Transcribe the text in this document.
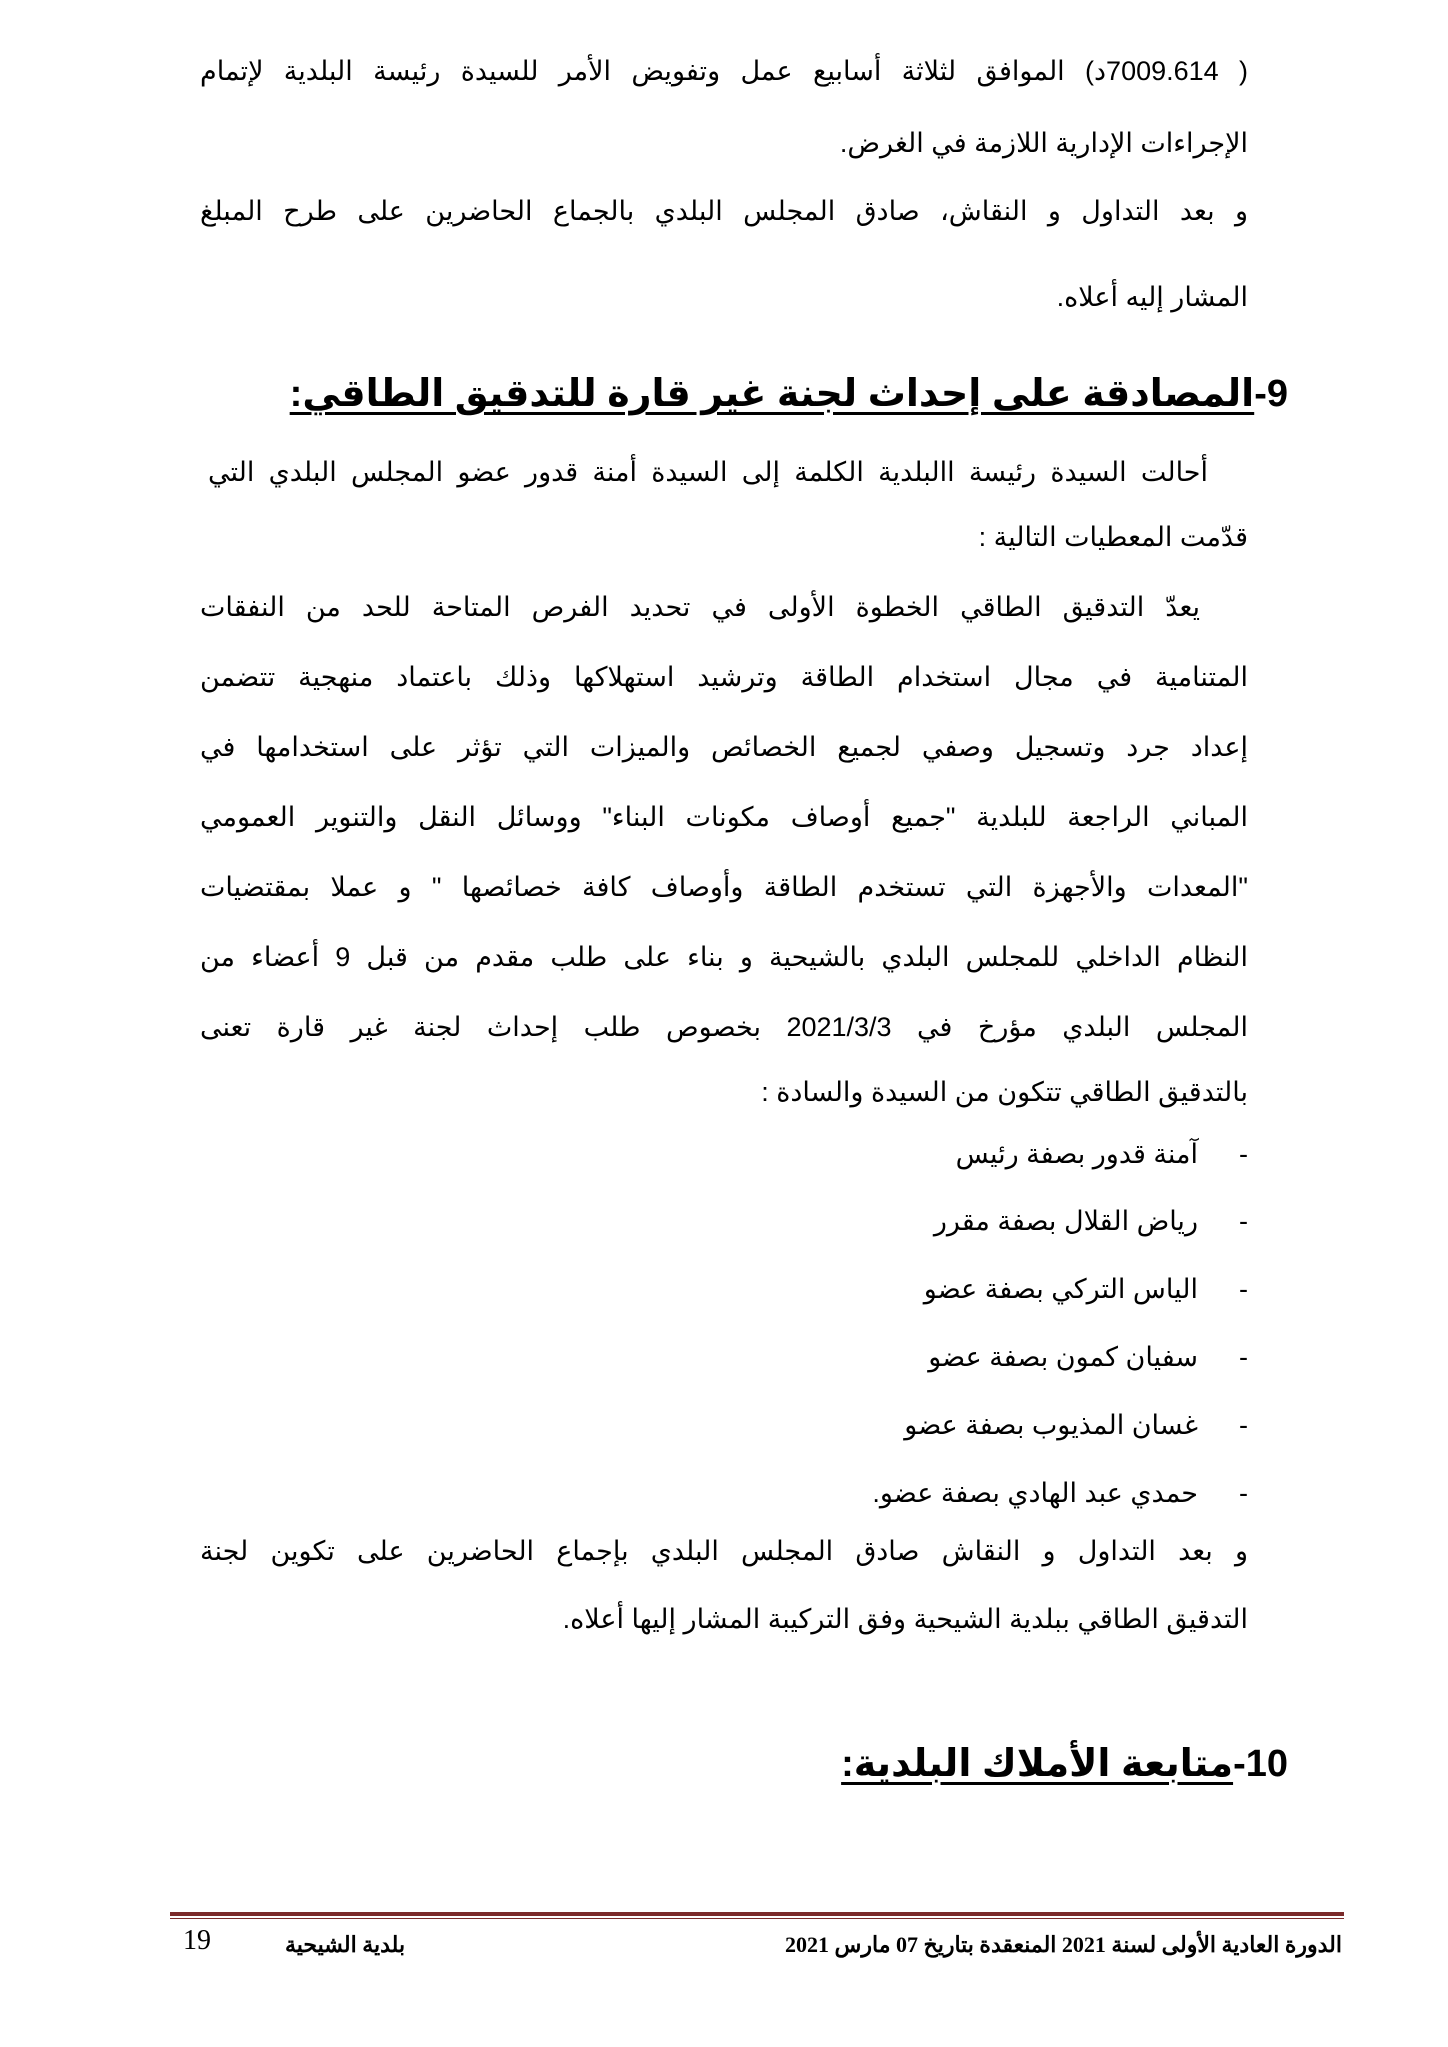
( 7009.614د) الموافق لثلاثة أسابيع عمل وتفويض الأمر للسيدة رئيسة البلدية لإتمام
الإجراءات الإدارية اللازمة في الغرض.
و بعد التداول و النقاش، صادق المجلس البلدي بالجماع الحاضرين على طرح المبلغ
المشار إليه أعلاه.
9-المصادقة على إحداث لجنة غير قارة للتدقيق الطاقي:
أحالت السيدة رئيسة االبلدية الكلمة إلى السيدة أمنة قدور عضو المجلس البلدي التي
قدّمت المعطيات التالية :
يعدّ التدقيق الطاقي الخطوة الأولى في تحديد الفرص المتاحة للحد من النفقات
المتنامية في مجال استخدام الطاقة وترشيد استهلاكها وذلك باعتماد منهجية تتضمن
إعداد جرد وتسجيل وصفي لجميع الخصائص والميزات التي تؤثر على استخدامها في
المباني الراجعة للبلدية "جميع أوصاف مكونات البناء" ووسائل النقل والتنوير العمومي
"المعدات والأجهزة التي تستخدم الطاقة وأوصاف كافة خصائصها " و عملا بمقتضيات
النظام الداخلي للمجلس البلدي بالشيحية و بناء على طلب مقدم من قبل 9 أعضاء من
المجلس البلدي مؤرخ في 2021/3/3 بخصوص طلب إحداث لجنة غير قارة تعنى
بالتدقيق الطاقي تتكون من السيدة والسادة :
-آمنة قدور بصفة رئيس
-رياض القلال بصفة مقرر
-الياس التركي بصفة عضو
-سفيان كمون بصفة عضو
-غسان المذيوب بصفة عضو
-حمدي عبد الهادي بصفة عضو.
و بعد التداول و النقاش صادق المجلس البلدي بإجماع الحاضرين على تكوين لجنة
التدقيق الطاقي ببلدية الشيحية وفق التركيبة المشار إليها أعلاه.
10-متابعة الأملاك البلدية:
19	بلدية الشيحية	الدورة العادية الأولى لسنة 2021 المنعقدة بتاريخ 07 مارس 2021
